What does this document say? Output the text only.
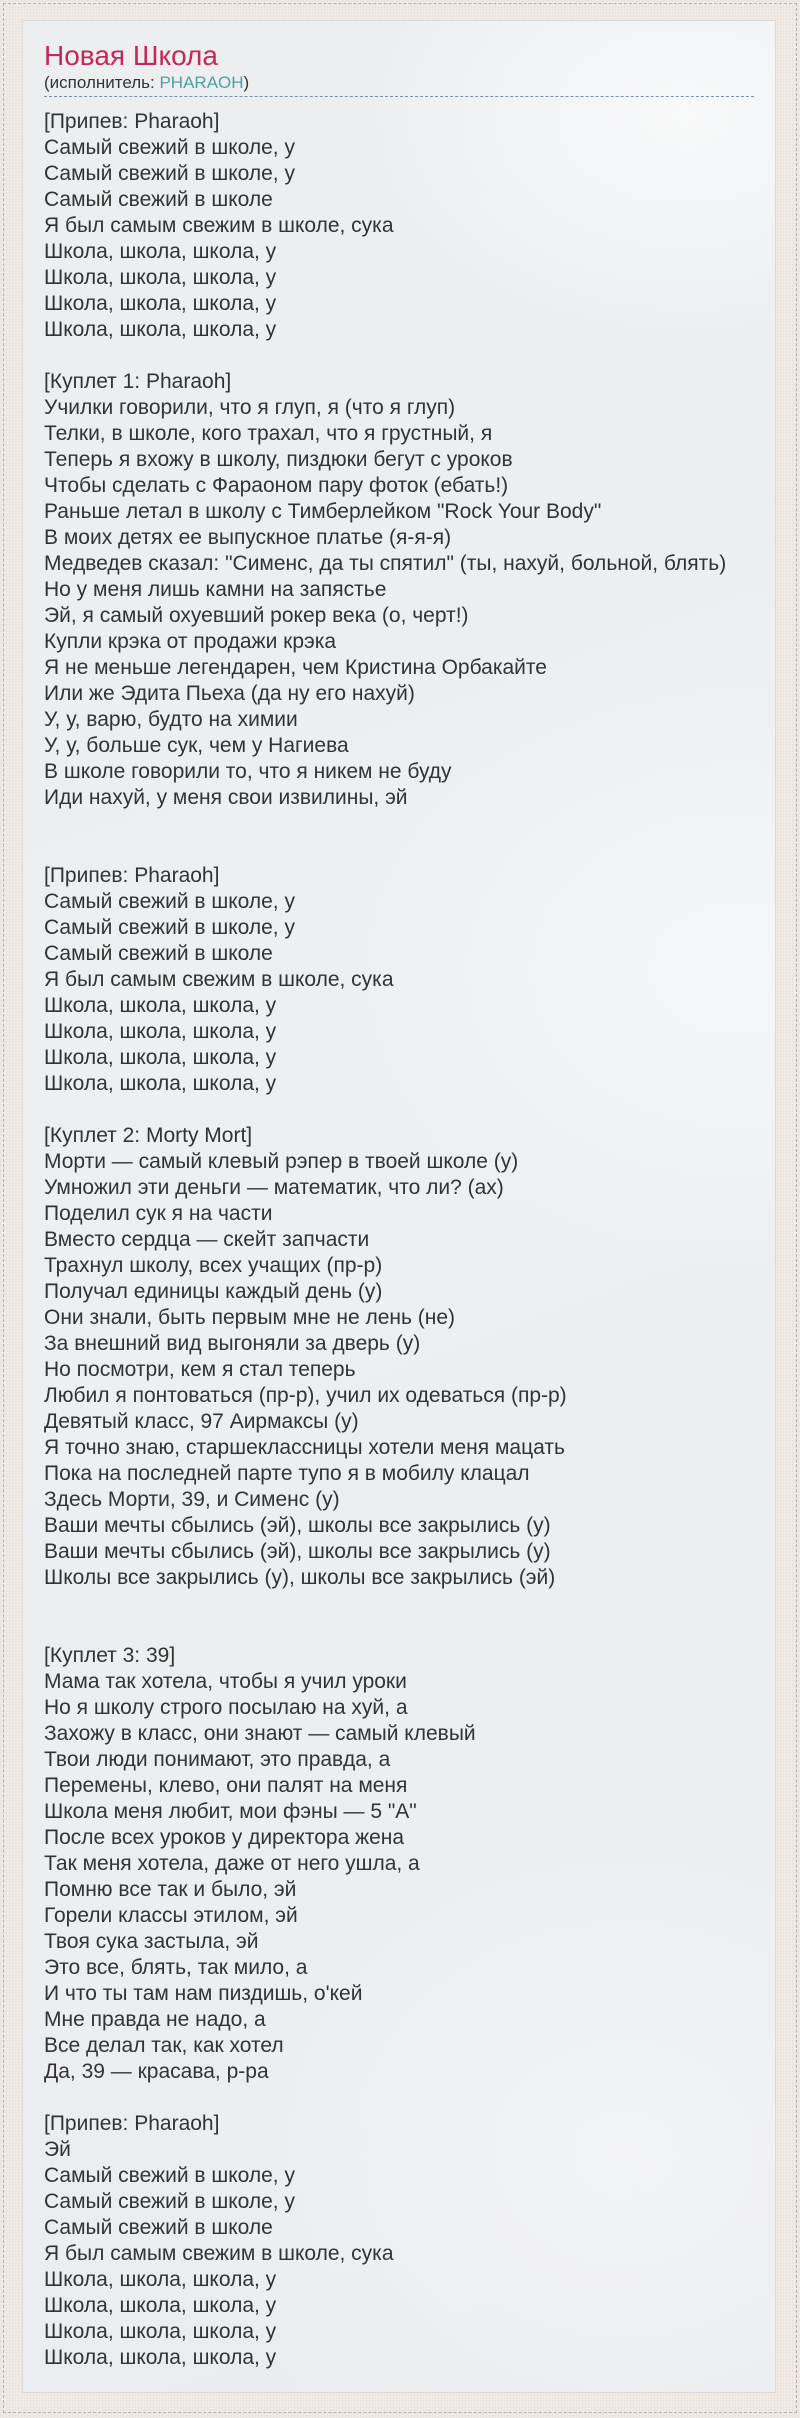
Новая Школа
(исполнитель: PHARAOH)
[Припев: Pharaoh]
Самый свежий в школе, у
Самый свежий в школе, у
Самый свежий в школе
Я был самым свежим в школе, сука
Школа, школа, школа, у
Школа, школа, школа, у
Школа, школа, школа, у
Школа, школа, школа, у

[Куплет 1: Pharaoh]
Училки говорили, что я глуп, я (что я глуп)
Телки, в школе, кого трахал, что я грустный, я
Теперь я вхожу в школу, пиздюки бегут с уроков
Чтобы сделать с Фараоном пару фоток (ебать!)
Раньше летал в школу с Тимберлейком "Rock Your Body"
В моих детях ее выпускное платье (я-я-я)
Медведев сказал: "Сименс, да ты спятил" (ты, нахуй, больной, блять)
Но у меня лишь камни на запястье
Эй, я самый охуевший рокер века (о, черт!)
Купли крэка от продажи крэка
Я не меньше легендарен, чем Кристина Орбакайте
Или же Эдита Пьеха (да ну его нахуй)
У, у, варю, будто на химии
У, у, больше сук, чем у Нагиева
В школе говорили то, что я никем не буду
Иди нахуй, у меня свои извилины, эй

[Припев: Pharaoh]
Самый свежий в школе, у
Самый свежий в школе, у
Самый свежий в школе
Я был самым свежим в школе, сука
Школа, школа, школа, у
Школа, школа, школа, у
Школа, школа, школа, у
Школа, школа, школа, у

[Куплет 2: Morty Mort]
Морти — самый клевый рэпер в твоей школе (у)
Умножил эти деньги — математик, что ли? (ах)
Поделил сук я на части
Вместо сердца — скейт запчасти
Трахнул школу, всех учащих (пр-р)
Получал единицы каждый день (у)
Они знали, быть первым мне не лень (не)
За внешний вид выгоняли за дверь (у)
Но посмотри, кем я стал теперь
Любил я понтоваться (пр-р), учил их одеваться (пр-р)
Девятый класс, 97 Аирмаксы (у)
Я точно знаю, старшеклассницы хотели меня мацать
Пока на последней парте тупо я в мобилу клацал
Здесь Морти, 39, и Сименс (у)
Ваши мечты сбылись (эй), школы все закрылись (у)
Ваши мечты сбылись (эй), школы все закрылись (у)
Школы все закрылись (у), школы все закрылись (эй)

[Куплет 3: 39]
Мама так хотела, чтобы я учил уроки
Но я школу строго посылаю на хуй, а
Захожу в класс, они знают — самый клевый
Твои люди понимают, это правда, а
Перемены, клево, они палят на меня
Школа меня любит, мои фэны — 5 "А"
После всех уроков у директора жена
Так меня хотела, даже от него ушла, а
Помню все так и было, эй
Горели классы этилом, эй
Твоя сука застыла, эй
Это все, блять, так мило, а
И что ты там нам пиздишь, о'кей
Мне правда не надо, а
Все делал так, как хотел
Да, 39 — красава, р-ра

[Припев: Pharaoh]
Эй
Самый свежий в школе, у
Самый свежий в школе, у
Самый свежий в школе
Я был самым свежим в школе, сука
Школа, школа, школа, у
Школа, школа, школа, у
Школа, школа, школа, у
Школа, школа, школа, у
